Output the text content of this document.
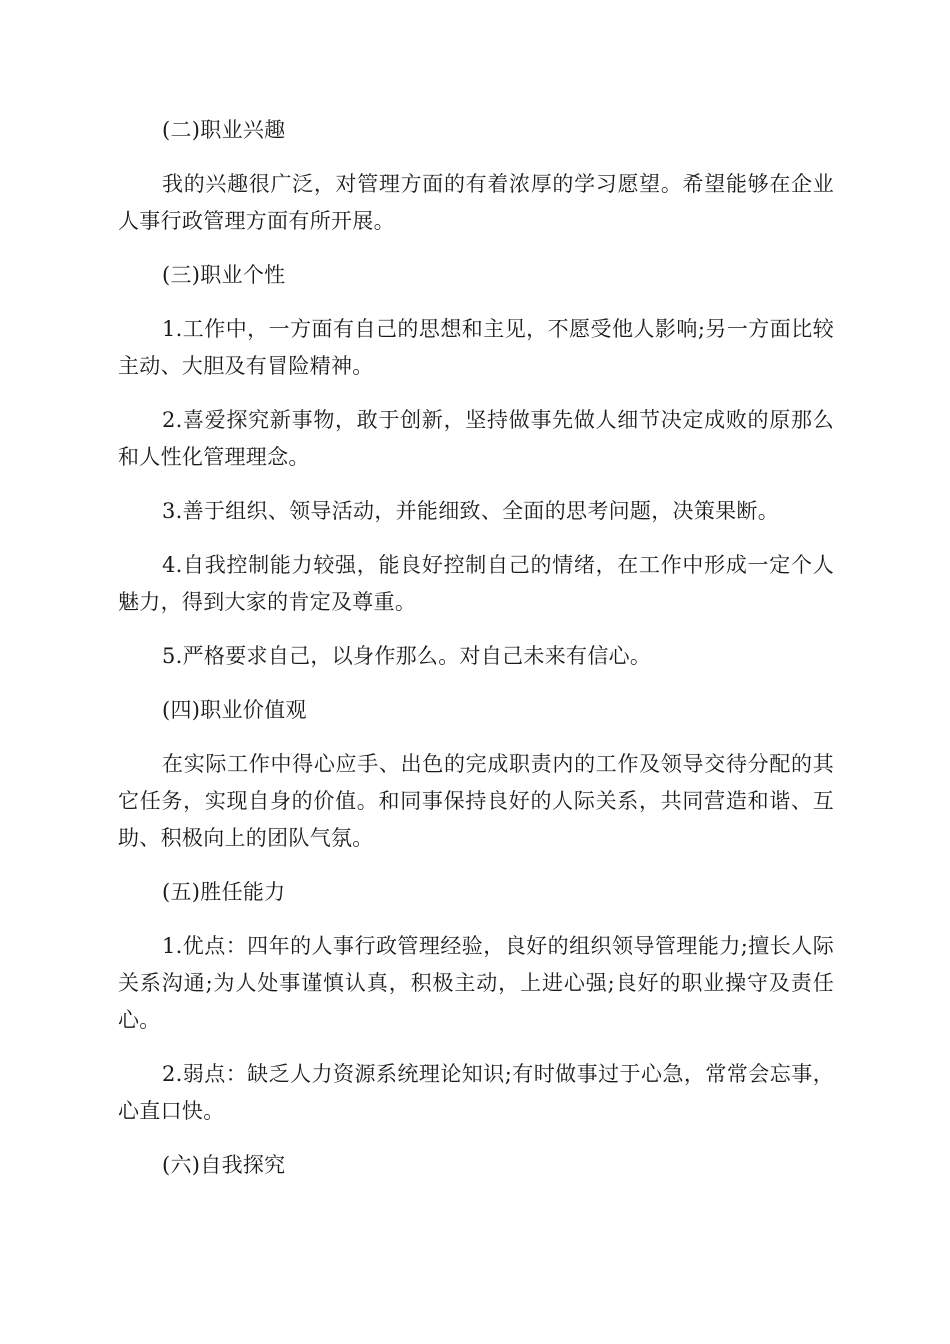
(二)职业兴趣

我的兴趣很广泛，对管理方面的有着浓厚的学习愿望。希望能够在企业人事行政管理方面有所开展。

(三)职业个性

1.工作中，一方面有自己的思想和主见，不愿受他人影响;另一方面比较主动、大胆及有冒险精神。

2.喜爱探究新事物，敢于创新，坚持做事先做人细节决定成败的原那么和人性化管理理念。

3.善于组织、领导活动，并能细致、全面的思考问题，决策果断。

4.自我控制能力较强，能良好控制自己的情绪，在工作中形成一定个人魅力，得到大家的肯定及尊重。

5.严格要求自己，以身作那么。对自己未来有信心。

(四)职业价值观

在实际工作中得心应手、出色的完成职责内的工作及领导交待分配的其它任务，实现自身的价值。和同事保持良好的人际关系，共同营造和谐、互助、积极向上的团队气氛。

(五)胜任能力

1.优点：四年的人事行政管理经验，良好的组织领导管理能力;擅长人际关系沟通;为人处事谨慎认真，积极主动，上进心强;良好的职业操守及责任心。

2.弱点：缺乏人力资源系统理论知识;有时做事过于心急，常常会忘事，心直口快。

(六)自我探究
